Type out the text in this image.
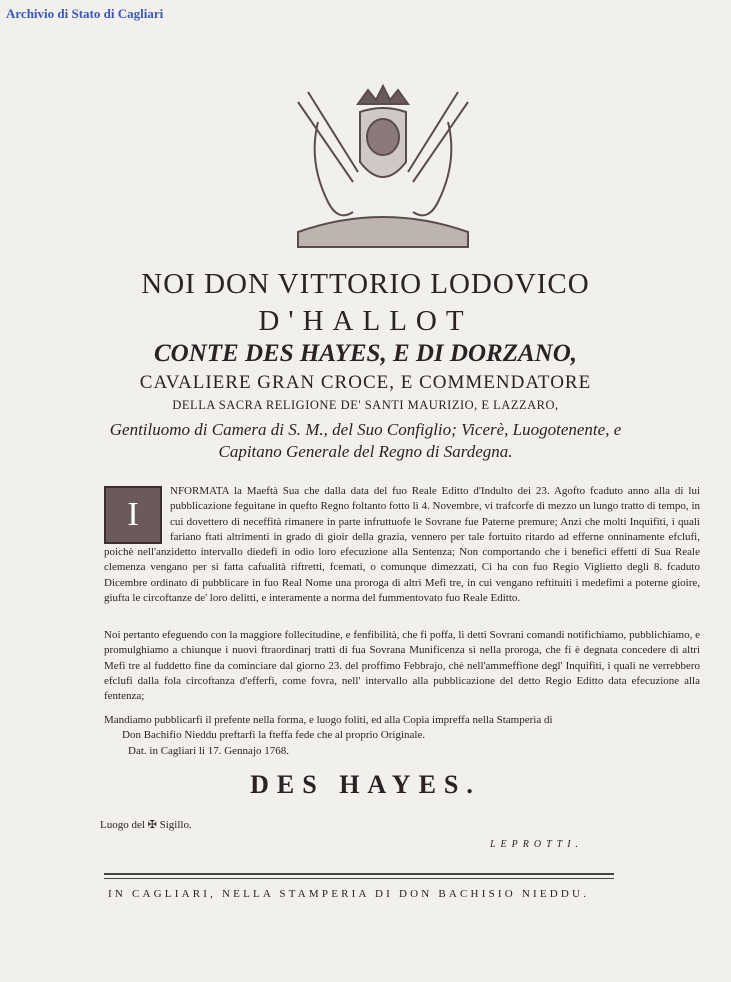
Archivio di Stato di Cagliari
NOI DON VITTORIO LODOVICO
D'HALLOT
CONTE DES HAYES, E DI DORZANO,
CAVALIERE GRAN CROCE, E COMMENDATORE
DELLA SACRA RELIGIONE DE' SANTI MAURIZIO, E LAZZARO,
Gentiluomo di Camera di S. M., del Suo Configlio; Vicerè, Luogotenente, e
Capitano Generale del Regno di Sardegna.
I
NFORMATA la Maeftà Sua che dalla data del fuo Reale Editto d'Indulto dei 23. Agofto fcaduto anno alla di lui pubblicazione feguitane in quefto Regno foltanto fotto li 4. Novembre, vi trafcorfe di mezzo un lungo tratto di tempo, in cui dovettero di neceffità rimanere in parte infruttuofe le Sovrane fue Paterne premure; Anzi che molti Inquifiti, i quali fariano ftati altrimenti in grado di gioir della grazia, vennero per tale fortuito ritardo ad efferne onninamente efclufi, poichè nell'anzidetto intervallo diedefi in odio loro efecuzione alla Sentenza; Non comportando che i benefici effetti di Sua Reale clemenza vengano per sì fatta cafualità riftretti, fcemati, o comunque dimezzati, Ci ha con fuo Regio Viglietto degli 8. fcaduto Dicembre ordinato di pubblicare in fuo Real Nome una proroga di altri Mefi tre, in cui vengano reftituiti i medefimi a poterne gioire, giufta le circoftanze de' loro delitti, e interamente a norma del fummentovato fuo Reale Editto.
Noi pertanto efeguendo con la maggiore follecitudine, e fenfibilità, che fi poffa, li detti Sovrani comandi notifichiamo, pubblichiamo, e promulghiamo a chiunque i nuovi ftraordinarj tratti di fua Sovrana Munificenza sì nella proroga, che fi è degnata concedere di altri Mefi tre al fuddetto fine da cominciare dal giorno 23. del proffimo Febbrajo, chè nell'ammeffione degl' Inquifiti, i quali ne verrebbero efclufi dalla fola circoftanza d'efferfi, come fovra, nell' intervallo alla pubblicazione del detto Regio Editto data efecuzione alla fentenza;
Mandiamo pubblicarfi il prefente nella forma, e luogo foliti, ed alla Copia impreffa nella Stamperìa di
Don Bachifio Nieddu preftarfi la fteffa fede che al proprio Originale.
Dat. in Cagliari li 17. Gennajo 1768.
DES HAYES.
Luogo del ✠ Sigillo.
LEPROTTI.
IN CAGLIARI, NELLA STAMPERIA DI DON BACHISIO NIEDDU.
